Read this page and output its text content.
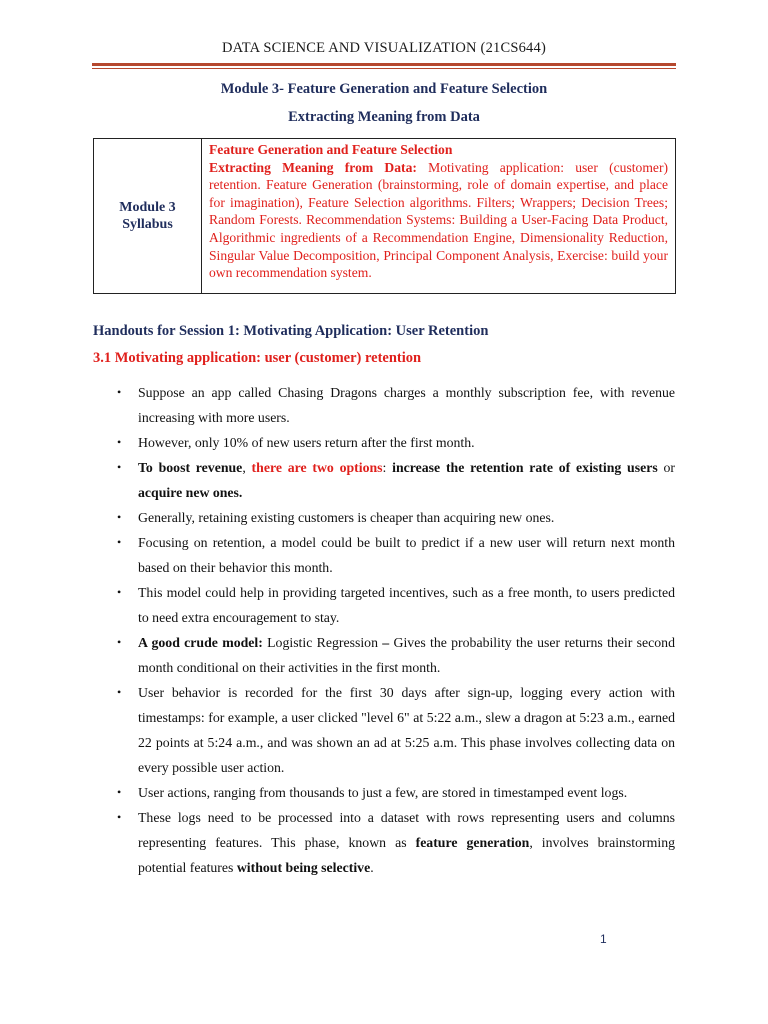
DATA SCIENCE AND VISUALIZATION (21CS644)
Module 3- Feature Generation and Feature Selection
Extracting Meaning from Data
Module 3
Syllabus
Feature Generation and Feature Selection
Extracting Meaning from Data: Motivating application: user (customer) retention. Feature Generation (brainstorming, role of domain expertise, and place for imagination), Feature Selection algorithms. Filters; Wrappers; Decision Trees; Random Forests. Recommendation Systems: Building a User-Facing Data Product, Algorithmic ingredients of a Recommendation Engine, Dimensionality Reduction, Singular Value Decomposition, Principal Component Analysis, Exercise: build your own recommendation system.
Handouts for Session 1: Motivating Application: User Retention
3.1 Motivating application: user (customer) retention
• Suppose an app called Chasing Dragons charges a monthly subscription fee, with revenue increasing with more users.
• However, only 10% of new users return after the first month.
• To boost revenue, there are two options: increase the retention rate of existing users or acquire new ones.
• Generally, retaining existing customers is cheaper than acquiring new ones.
• Focusing on retention, a model could be built to predict if a new user will return next month based on their behavior this month.
• This model could help in providing targeted incentives, such as a free month, to users predicted to need extra encouragement to stay.
• A good crude model: Logistic Regression – Gives the probability the user returns their second month conditional on their activities in the first month.
• User behavior is recorded for the first 30 days after sign-up, logging every action with timestamps: for example, a user clicked "level 6" at 5:22 a.m., slew a dragon at 5:23 a.m., earned 22 points at 5:24 a.m., and was shown an ad at 5:25 a.m. This phase involves collecting data on every possible user action.
• User actions, ranging from thousands to just a few, are stored in timestamped event logs.
• These logs need to be processed into a dataset with rows representing users and columns representing features. This phase, known as feature generation, involves brainstorming potential features without being selective.
1
